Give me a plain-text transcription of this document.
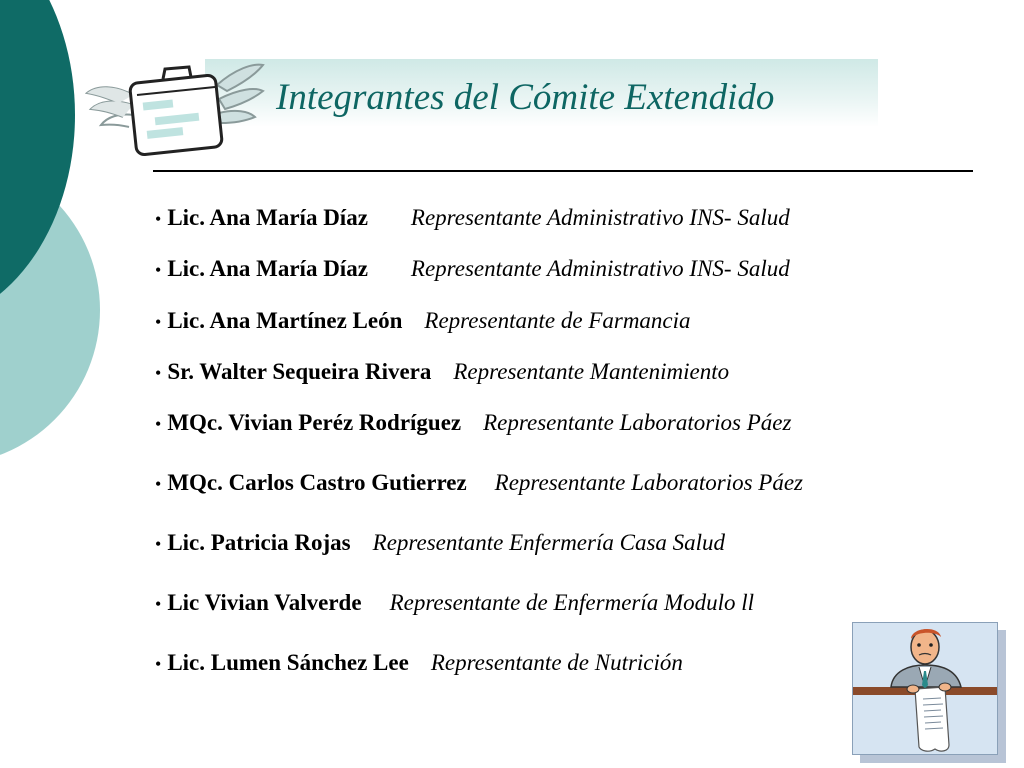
Integrantes del Cómite Extendido
• Lic. Ana María Díaz Representante Administrativo INS- Salud
• Lic. Ana María Díaz Representante Administrativo INS- Salud
• Lic. Ana Martínez León Representante de Farmancia
• Sr. Walter Sequeira Rivera Representante Mantenimiento
• MQc. Vivian Peréz Rodríguez Representante Laboratorios Páez
• MQc. Carlos Castro Gutierrez Representante Laboratorios Páez
• Lic. Patricia Rojas Representante Enfermería Casa Salud
• Lic Vivian Valverde Representante de Enfermería Modulo ll
• Lic. Lumen Sánchez Lee Representante de Nutrición
